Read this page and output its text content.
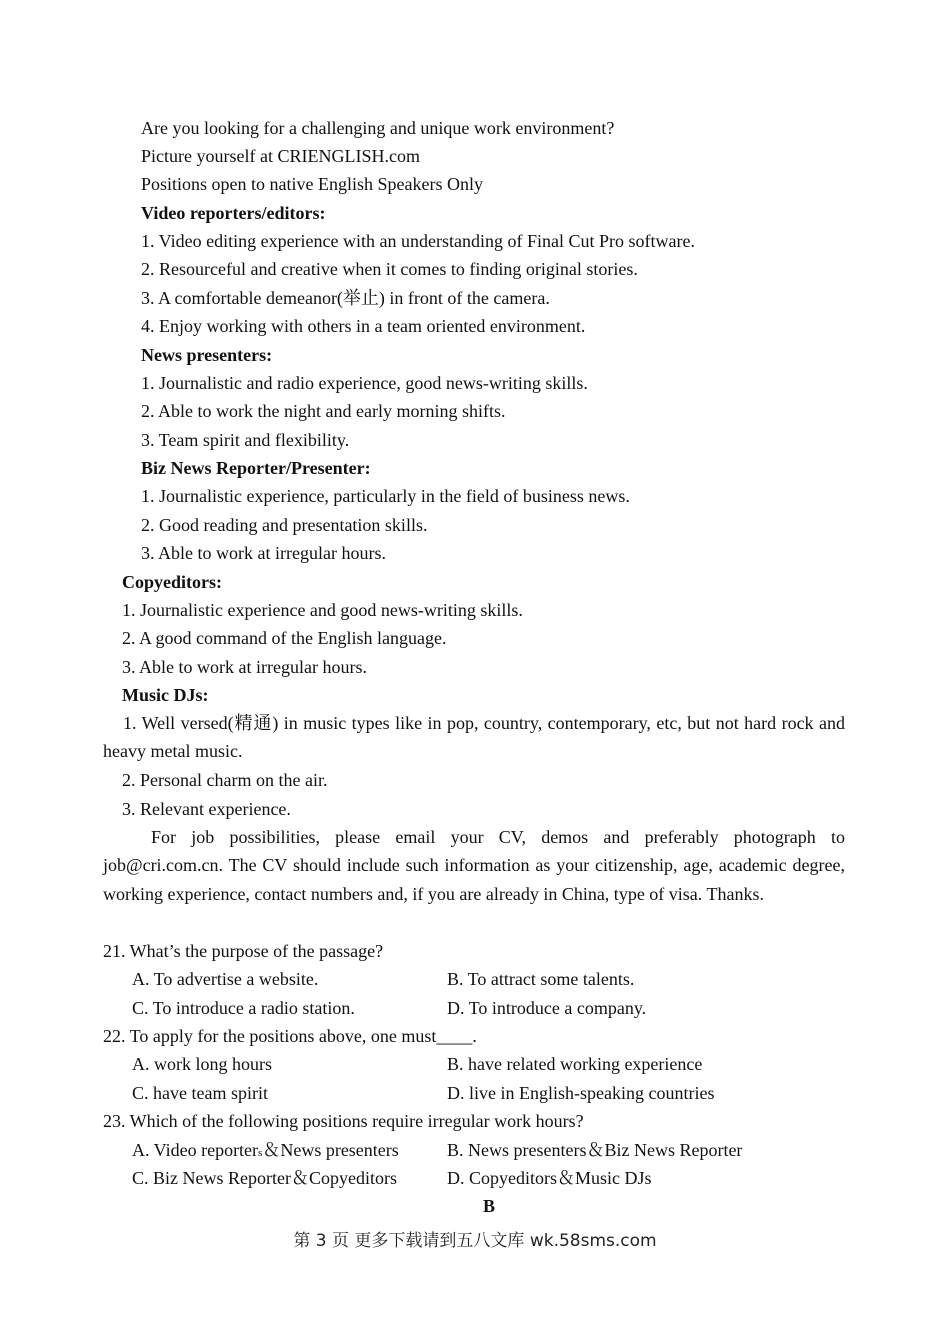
Are you looking for a challenging and unique work environment?
Picture yourself at CRIENGLISH.com
Positions open to native English Speakers Only
Video reporters/editors:
1. Video editing experience with an understanding of Final Cut Pro software.
2. Resourceful and creative when it comes to finding original stories.
3. A comfortable demeanor(举止) in front of the camera.
4. Enjoy working with others in a team oriented environment.
News presenters:
1. Journalistic and radio experience, good news-writing skills.
2. Able to work the night and early morning shifts.
3. Team spirit and flexibility.
Biz News Reporter/Presenter:
1. Journalistic experience, particularly in the field of business news.
2. Good reading and presentation skills.
3. Able to work at irregular hours.
Copyeditors:
1. Journalistic experience and good news-writing skills.
2. A good command of the English language.
3. Able to work at irregular hours.
Music DJs:
1. Well versed(精通) in music types like in pop, country, contemporary, etc, but not hard rock and heavy metal music.
2. Personal charm on the air.
3. Relevant experience.
For job possibilities, please email your CV, demos and preferably photograph to job@cri.com.cn. The CV should include such information as your citizenship, age, academic degree, working experience, contact numbers and, if you are already in China, type of visa. Thanks.
21. What’s the purpose of the passage?
A. To advertise a website.	B. To attract some talents.
C. To introduce a radio station.	D. To introduce a company.
22. To apply for the positions above, one must____.
A. work long hours	B. have related working experience
C. have team spirit	D. live in English-speaking countries
23. Which of the following positions require irregular work hours?
A. Video reporters＆News presenters	B. News presenters＆Biz News Reporter
C. Biz News Reporter＆Copyeditors	D. Copyeditors＆Music DJs
B
第 3 页 更多下载请到五八文库 wk.58sms.com
